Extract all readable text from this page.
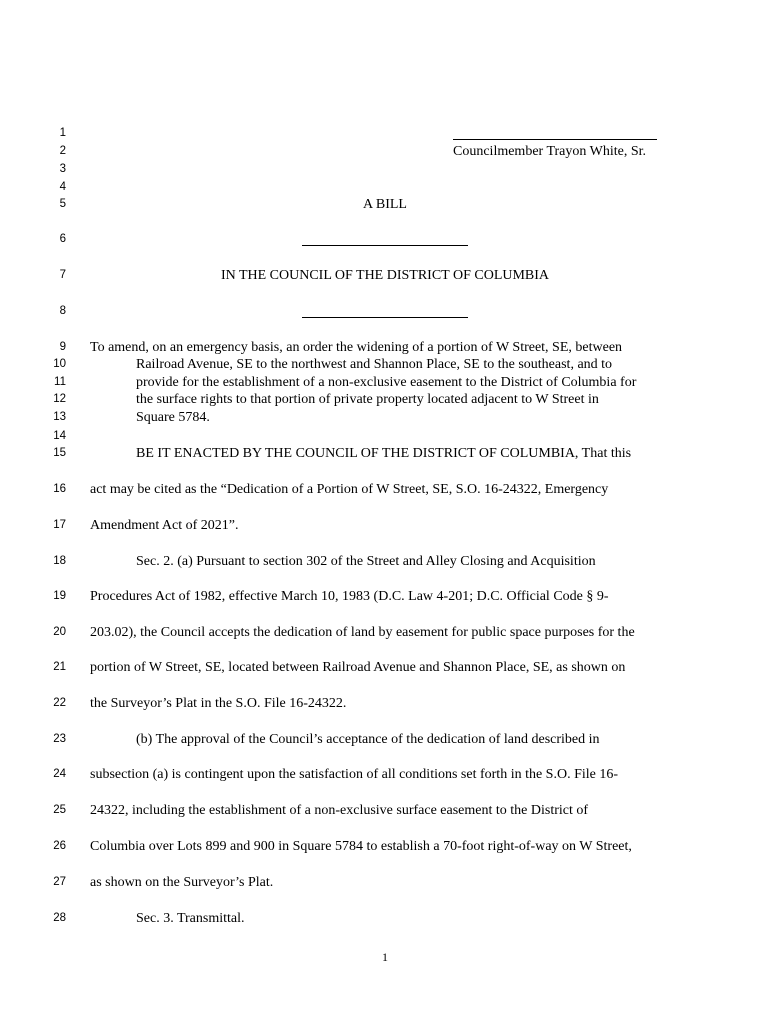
1
2
3
4
5
6
7
8
9
10
11
12
13
14
15
16
17
18
19
20
21
22
23
24
25
26
27
28
Councilmember Trayon White, Sr.
A BILL
IN THE COUNCIL OF THE DISTRICT OF COLUMBIA
To amend, on an emergency basis, an order the widening of a portion of W Street, SE, between
Railroad Avenue, SE to the northwest and Shannon Place, SE to the southeast, and to
provide for the establishment of a non-exclusive easement to the District of Columbia for
the surface rights to that portion of private property located adjacent to W Street in
Square 5784.
BE IT ENACTED BY THE COUNCIL OF THE DISTRICT OF COLUMBIA, That this
act may be cited as the “Dedication of a Portion of W Street, SE, S.O. 16-24322, Emergency
Amendment Act of 2021”.
Sec. 2. (a) Pursuant to section 302 of the Street and Alley Closing and Acquisition
Procedures Act of 1982, effective March 10, 1983 (D.C. Law 4-201; D.C. Official Code § 9-
203.02), the Council accepts the dedication of land by easement for public space purposes for the
portion of W Street, SE, located between Railroad Avenue and Shannon Place, SE, as shown on
the Surveyor’s Plat in the S.O. File 16-24322.
(b) The approval of the Council’s acceptance of the dedication of land described in
subsection (a) is contingent upon the satisfaction of all conditions set forth in the S.O. File 16-
24322, including the establishment of a non-exclusive surface easement to the District of
Columbia over Lots 899 and 900 in Square 5784 to establish a 70-foot right-of-way on W Street,
as shown on the Surveyor’s Plat.
Sec. 3. Transmittal.
1
